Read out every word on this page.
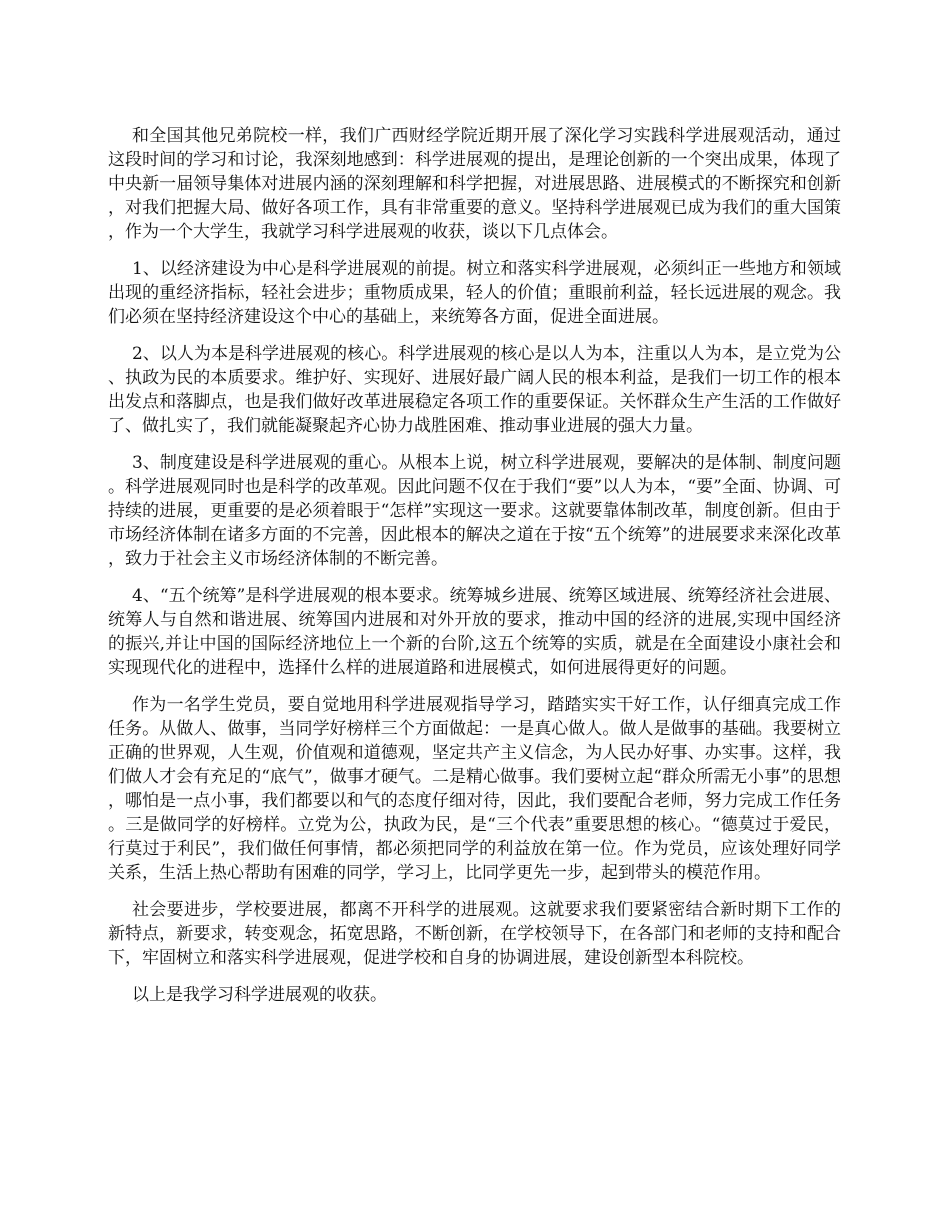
和全国其他兄弟院校一样，我们广西财经学院近期开展了深化学习实践科学进展观活动，通过这段时间的学习和讨论，我深刻地感到：科学进展观的提出，是理论创新的一个突出成果，体现了中央新一届领导集体对进展内涵的深刻理解和科学把握，对进展思路、进展模式的不断探究和创新，对我们把握大局、做好各项工作，具有非常重要的意义。坚持科学进展观已成为我们的重大国策，作为一个大学生，我就学习科学进展观的收获，谈以下几点体会。

1、以经济建设为中心是科学进展观的前提。树立和落实科学进展观，必须纠正一些地方和领域出现的重经济指标，轻社会进步；重物质成果，轻人的价值；重眼前利益，轻长远进展的观念。我们必须在坚持经济建设这个中心的基础上，来统筹各方面，促进全面进展。

2、以人为本是科学进展观的核心。科学进展观的核心是以人为本，注重以人为本，是立党为公、执政为民的本质要求。维护好、实现好、进展好最广阔人民的根本利益，是我们一切工作的根本出发点和落脚点，也是我们做好改革进展稳定各项工作的重要保证。关怀群众生产生活的工作做好了、做扎实了，我们就能凝聚起齐心协力战胜困难、推动事业进展的强大力量。

3、制度建设是科学进展观的重心。从根本上说，树立科学进展观，要解决的是体制、制度问题。科学进展观同时也是科学的改革观。因此问题不仅在于我们“要”以人为本，“要”全面、协调、可持续的进展，更重要的是必须着眼于“怎样”实现这一要求。这就要靠体制改革，制度创新。但由于市场经济体制在诸多方面的不完善，因此根本的解决之道在于按“五个统筹”的进展要求来深化改革，致力于社会主义市场经济体制的不断完善。

4、“五个统筹”是科学进展观的根本要求。统筹城乡进展、统筹区域进展、统筹经济社会进展、统筹人与自然和谐进展、统筹国内进展和对外开放的要求，推动中国的经济的进展,实现中国经济的振兴,并让中国的国际经济地位上一个新的台阶,这五个统筹的实质，就是在全面建设小康社会和实现现代化的进程中，选择什么样的进展道路和进展模式，如何进展得更好的问题。

作为一名学生党员，要自觉地用科学进展观指导学习，踏踏实实干好工作，认仔细真完成工作任务。从做人、做事，当同学好榜样三个方面做起：一是真心做人。做人是做事的基础。我要树立正确的世界观，人生观，价值观和道德观，坚定共产主义信念，为人民办好事、办实事。这样，我们做人才会有充足的“底气”，做事才硬气。二是精心做事。我们要树立起“群众所需无小事”的思想，哪怕是一点小事，我们都要以和气的态度仔细对待，因此，我们要配合老师，努力完成工作任务。三是做同学的好榜样。立党为公，执政为民，是“三个代表”重要思想的核心。“德莫过于爱民，行莫过于利民”，我们做任何事情，都必须把同学的利益放在第一位。作为党员，应该处理好同学关系，生活上热心帮助有困难的同学，学习上，比同学更先一步，起到带头的模范作用。

社会要进步，学校要进展，都离不开科学的进展观。这就要求我们要紧密结合新时期下工作的新特点，新要求，转变观念，拓宽思路，不断创新，在学校领导下，在各部门和老师的支持和配合下，牢固树立和落实科学进展观，促进学校和自身的协调进展，建设创新型本科院校。

以上是我学习科学进展观的收获。
